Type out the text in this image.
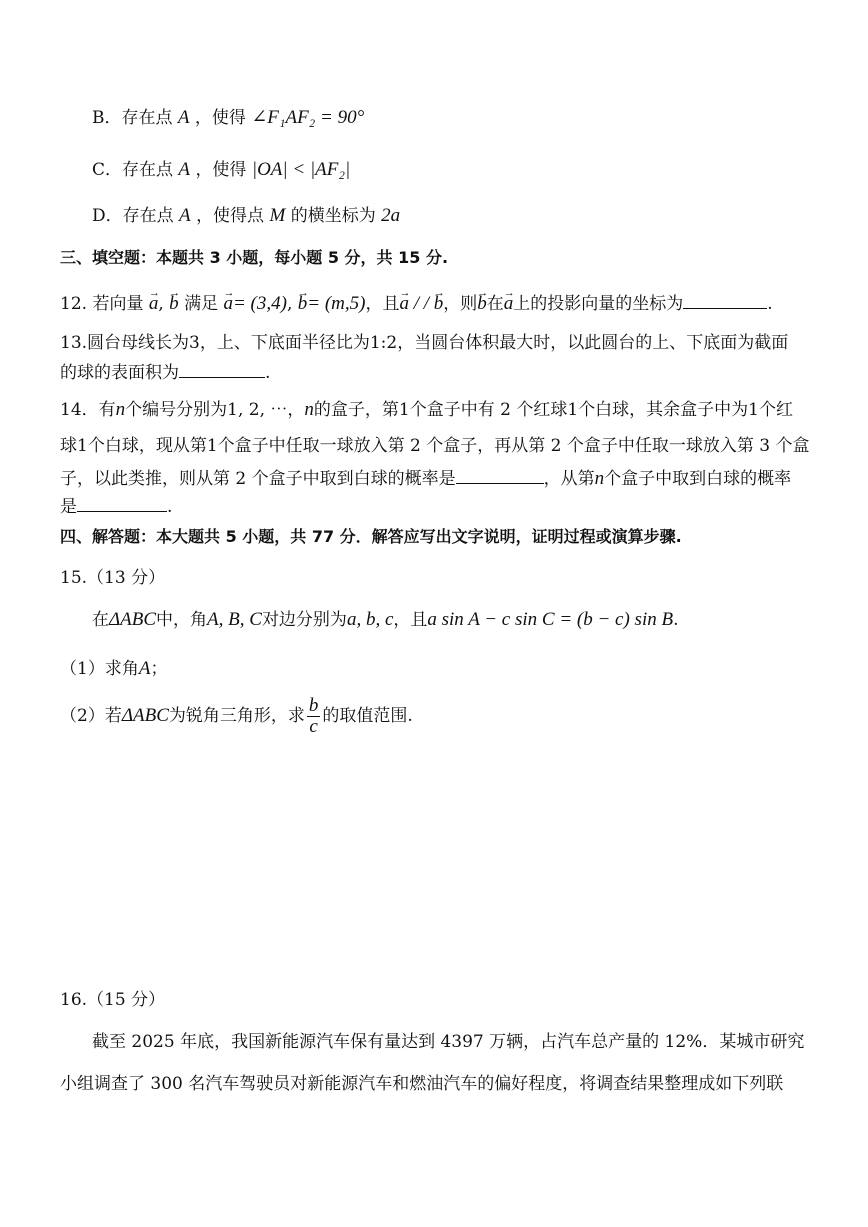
B．存在点 A ，使得 ∠F₁AF₂ = 90°
C．存在点 A ，使得 |OA| < |AF₂|
D．存在点 A ，使得点 M 的横坐标为 2a
三、填空题：本题共 3 小题，每小题 5 分，共 15 分.
12. 若向量 → a, → b 满足 → a= (3,4), → b= (m,5)，且→ a / / → b，则→ b在→ a上的投影向量的坐标为	.
13.圆台母线长为3，上、下底面半径比为1:2，当圆台体积最大时，以此圆台的上、下底面为截面
的球的表面积为	.
14．有n个编号分别为1, 2, ⋯，n的盒子，第1个盒子中有 2 个红球1个白球，其余盒子中为1个红
球1个白球，现从第1个盒子中任取一球放入第 2 个盒子，再从第 2 个盒子中任取一球放入第 3 个盒
子，以此类推，则从第 2 个盒子中取到白球的概率是	，从第n个盒子中取到白球的概率
是	.
四、解答题：本大题共 5 小题，共 77 分．解答应写出文字说明，证明过程或演算步骤.
15.（13 分）
在ΔABC中，角A, B, C对边分别为a, b, c，且a sin A − c sin C = (b − c) sin B.
（1）求角A；
（2）若ΔABC为锐角三角形，求 $\frac{b}{c}$ 的取值范围.
16.（15 分）
截至 2025 年底，我国新能源汽车保有量达到 4397 万辆，占汽车总产量的 12%．某城市研究
小组调查了 300 名汽车驾驶员对新能源汽车和燃油汽车的偏好程度，将调查结果整理成如下列联
